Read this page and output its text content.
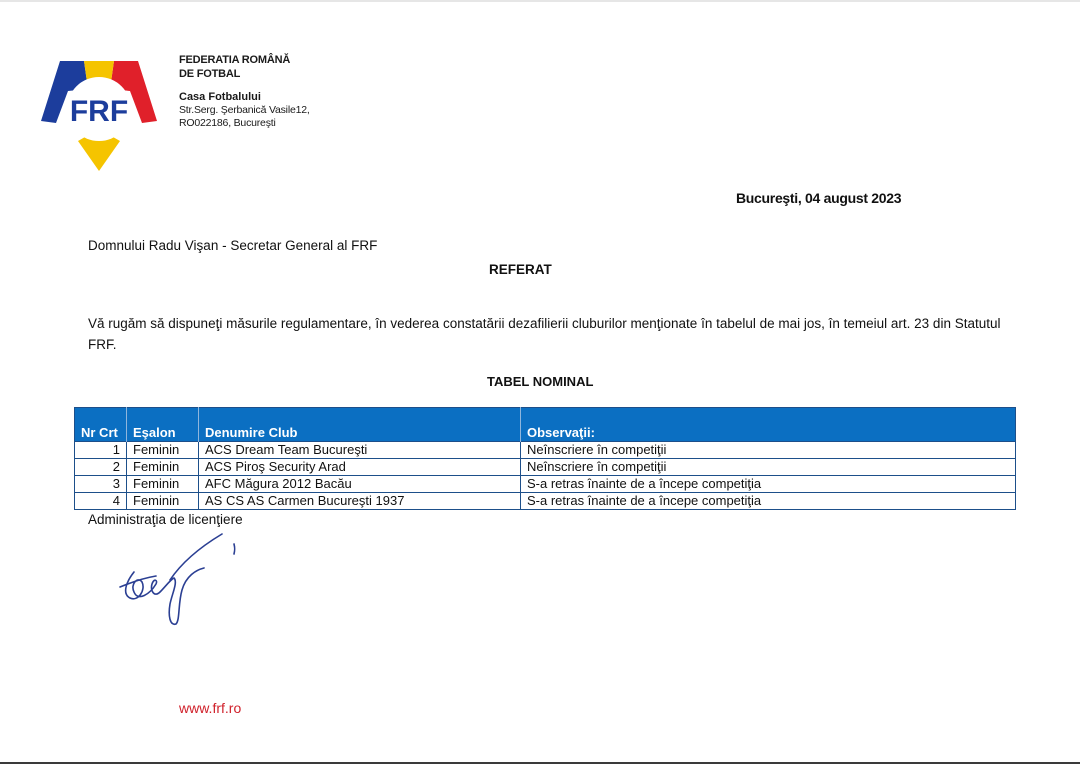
FRF
FEDERATIA ROMÂNĂ
DE FOTBAL
Casa Fotbalului
Str.Serg. Şerbanică Vasile12,
RO022186, Bucureşti
Bucureşti, 04 august 2023
Domnului Radu Vişan - Secretar General al FRF
REFERAT
Vă rugăm să dispuneţi măsurile regulamentare, în vederea constatării dezafilierii cluburilor menţionate în tabelul de mai jos, în temeiul art. 23 din Statutul FRF.
TABEL NOMINAL
Nr Crt	Eşalon	Denumire Club	Observaţii:
1	Feminin	ACS Dream Team Bucureşti	Neînscriere în competiţii
2	Feminin	ACS Piroş Security Arad	Neînscriere în competiţii
3	Feminin	AFC Măgura 2012 Bacău	S-a retras înainte de a începe competiţia
4	Feminin	AS CS AS Carmen Bucureşti 1937	S-a retras înainte de a începe competiţia
Administraţia de licenţiere
www.frf.ro
